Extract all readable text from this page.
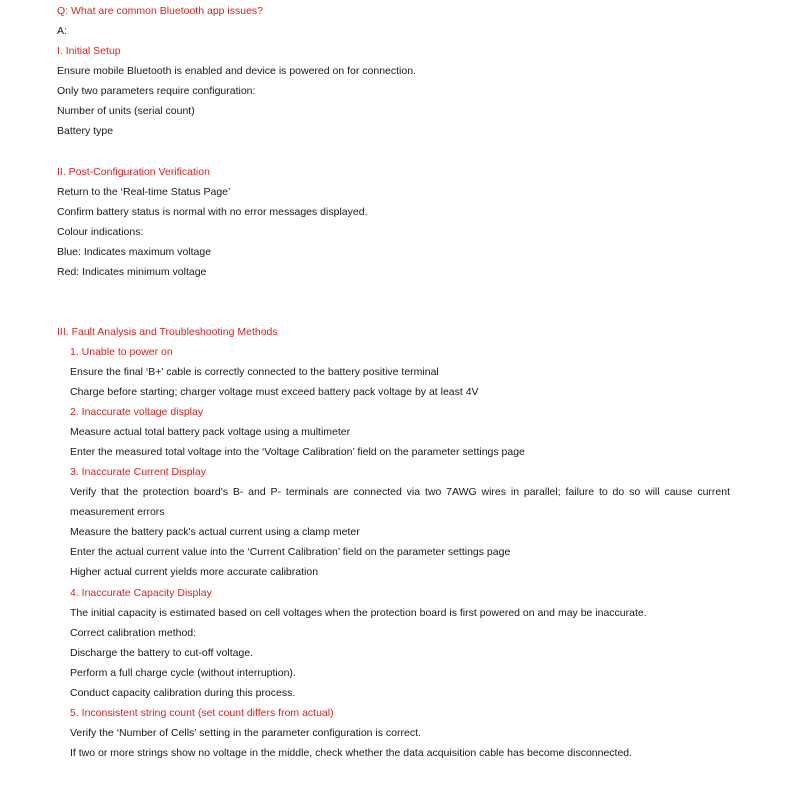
Q: What are common Bluetooth app issues?
A:
I. Initial Setup
Ensure mobile Bluetooth is enabled and device is powered on for connection.
Only two parameters require configuration:
Number of units (serial count)
Battery type
II. Post-Configuration Verification
Return to the ‘Real-time Status Page’
Confirm battery status is normal with no error messages displayed.
Colour indications:
Blue: Indicates maximum voltage
Red: Indicates minimum voltage
III. Fault Analysis and Troubleshooting Methods
1. Unable to power on
Ensure the final ‘B+’ cable is correctly connected to the battery positive terminal
Charge before starting; charger voltage must exceed battery pack voltage by at least 4V
2. Inaccurate voltage display
Measure actual total battery pack voltage using a multimeter
Enter the measured total voltage into the ‘Voltage Calibration’ field on the parameter settings page
3. Inaccurate Current Display
Verify that the protection board's B- and P- terminals are connected via two 7AWG wires in parallel; failure to do so will cause current
measurement errors
Measure the battery pack's actual current using a clamp meter
Enter the actual current value into the ‘Current Calibration’ field on the parameter settings page
Higher actual current yields more accurate calibration
4. Inaccurate Capacity Display
The initial capacity is estimated based on cell voltages when the protection board is first powered on and may be inaccurate.
Correct calibration method:
Discharge the battery to cut-off voltage.
Perform a full charge cycle (without interruption).
Conduct capacity calibration during this process.
5. Inconsistent string count (set count differs from actual)
Verify the ‘Number of Cells’ setting in the parameter configuration is correct.
If two or more strings show no voltage in the middle, check whether the data acquisition cable has become disconnected.
